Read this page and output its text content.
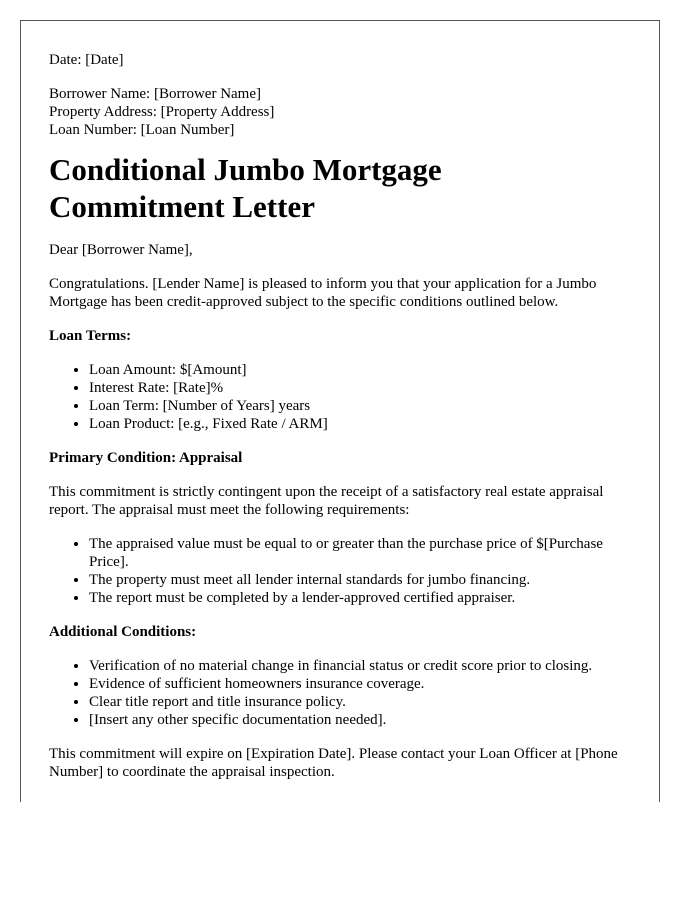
Date: [Date]

Borrower Name: [Borrower Name]
Property Address: [Property Address]
Loan Number: [Loan Number]
Conditional Jumbo Mortgage
Commitment Letter

Dear [Borrower Name],

Congratulations. [Lender Name] is pleased to inform you that your application for a Jumbo Mortgage has been credit-approved subject to the specific conditions outlined below.

Loan Terms:

• Loan Amount: $[Amount]
• Interest Rate: [Rate]%
• Loan Term: [Number of Years] years
• Loan Product: [e.g., Fixed Rate / ARM]

Primary Condition: Appraisal

This commitment is strictly contingent upon the receipt of a satisfactory real estate appraisal report. The appraisal must meet the following requirements:

• The appraised value must be equal to or greater than the purchase price of $[Purchase Price].
• The property must meet all lender internal standards for jumbo financing.
• The report must be completed by a lender-approved certified appraiser.

Additional Conditions:

• Verification of no material change in financial status or credit score prior to closing.
• Evidence of sufficient homeowners insurance coverage.
• Clear title report and title insurance policy.
• [Insert any other specific documentation needed].

This commitment will expire on [Expiration Date]. Please contact your Loan Officer at [Phone Number] to coordinate the appraisal inspection.
